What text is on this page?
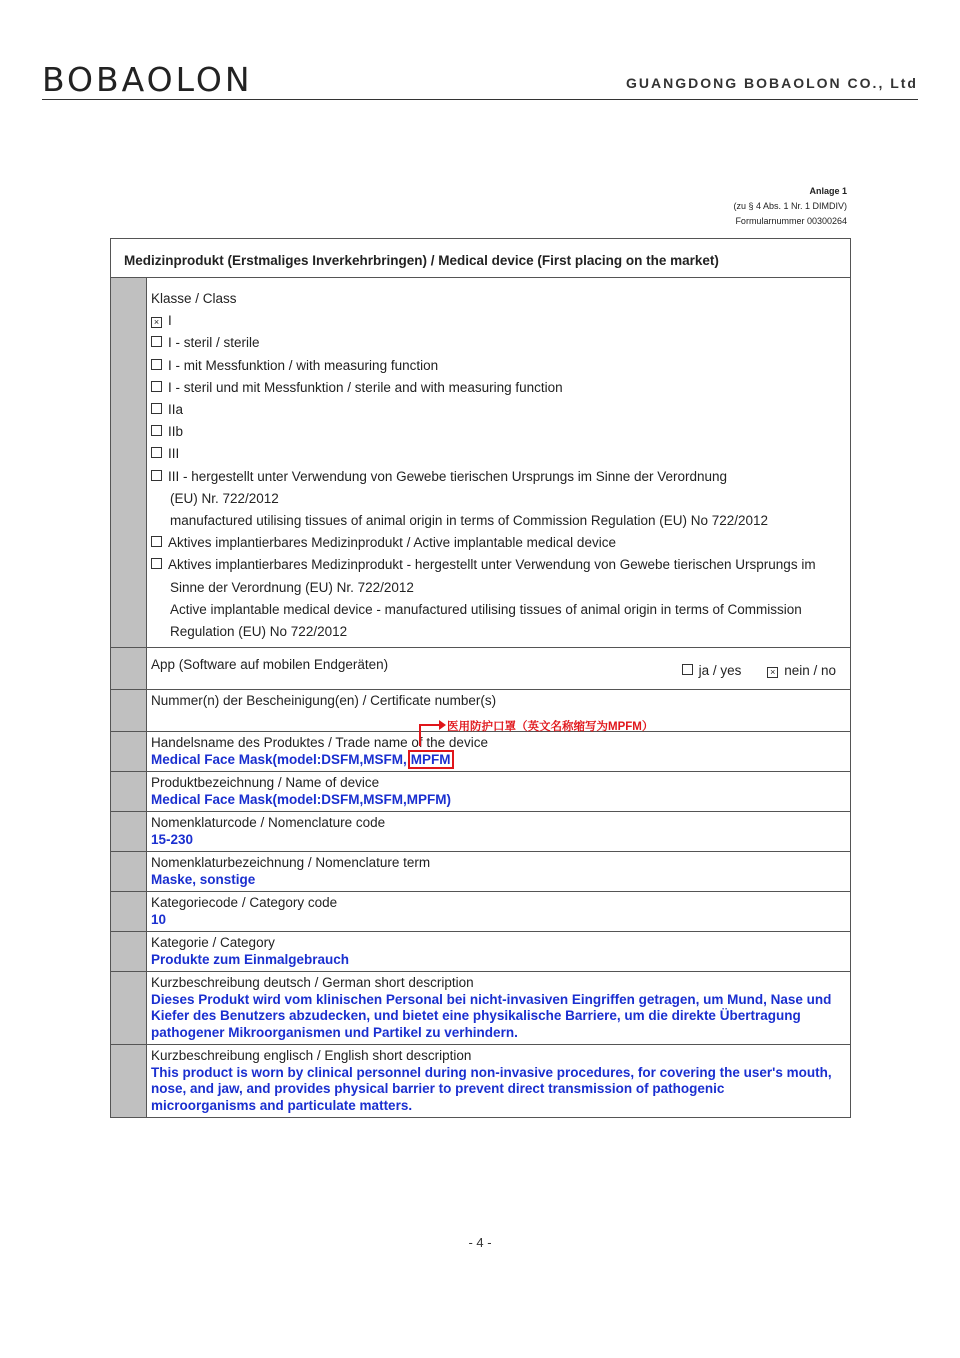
BOBAOLON	GUANGDONG BOBAOLON CO., Ltd
Anlage 1
(zu § 4 Abs. 1 Nr. 1 DIMDIV)
Formularnummer 00300264
Medizinprodukt (Erstmaliges Inverkehrbringen) / Medical device (First placing on the market)
Klasse / Class
× I
I - steril / sterile
I - mit Messfunktion / with measuring function
I - steril und mit Messfunktion / sterile and with measuring function
IIa
IIb
III
III - hergestellt unter Verwendung von Gewebe tierischen Ursprungs im Sinne der Verordnung
(EU) Nr. 722/2012
manufactured utilising tissues of animal origin in terms of Commission Regulation (EU) No 722/2012
Aktives implantierbares Medizinprodukt / Active implantable medical device
Aktives implantierbares Medizinprodukt - hergestellt unter Verwendung von Gewebe tierischen Ursprungs im
Sinne der Verordnung (EU) Nr. 722/2012
Active implantable medical device - manufactured utilising tissues of animal origin in terms of Commission
Regulation (EU) No 722/2012
App (Software auf mobilen Endgeräten)	ja / yes	× nein / no
Nummer(n) der Bescheinigung(en) / Certificate number(s)
医用防护口罩（英文名称缩写为MPFM）
Handelsname des Produktes / Trade name of the device
Medical Face Mask(model:DSFM,MSFM, MPFM
Produktbezeichnung / Name of device
Medical Face Mask(model:DSFM,MSFM,MPFM)
Nomenklaturcode / Nomenclature code
15-230
Nomenklaturbezeichnung / Nomenclature term
Maske, sonstige
Kategoriecode / Category code
10
Kategorie / Category
Produkte zum Einmalgebrauch
Kurzbeschreibung deutsch / German short description
Dieses Produkt wird vom klinischen Personal bei nicht-invasiven Eingriffen getragen, um Mund, Nase und
Kiefer des Benutzers abzudecken, und bietet eine physikalische Barriere, um die direkte Übertragung
pathogener Mikroorganismen und Partikel zu verhindern.
Kurzbeschreibung englisch / English short description
This product is worn by clinical personnel during non-invasive procedures, for covering the user's mouth,
nose, and jaw, and provides physical barrier to prevent direct transmission of pathogenic
microorganisms and particulate matters.
- 4 -
